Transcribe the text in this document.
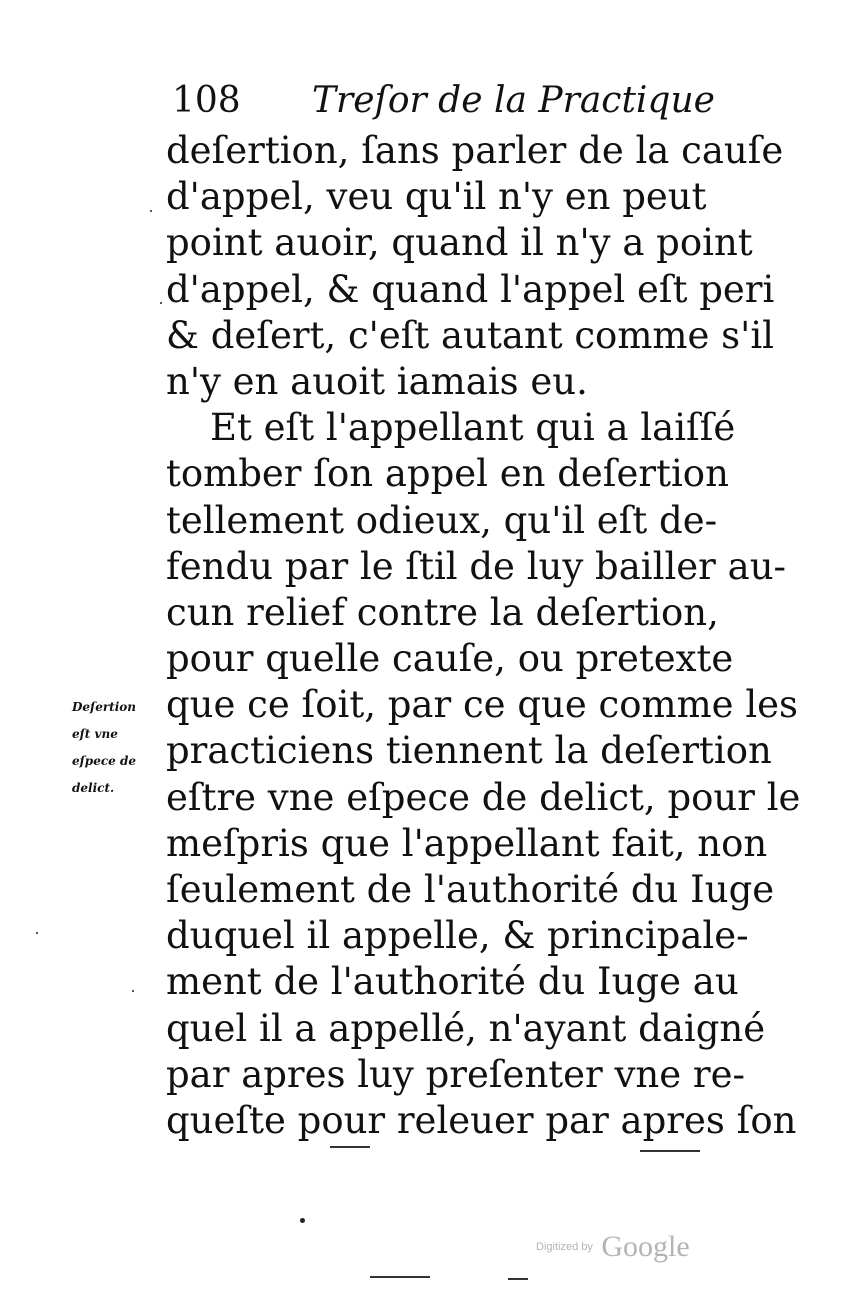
108 Treſor de la Practique
deſertion, ſans parler de la cauſe
d'appel, veu qu'il n'y en peut
point auoir, quand il n'y a point
d'appel, & quand l'appel eſt peri
& deſert, c'eſt autant comme s'il
n'y en auoit iamais eu.
Et eſt l'appellant qui a laiſſé
tomber ſon appel en deſertion
tellement odieux, qu'il eſt de-
fendu par le ſtil de luy bailler au-
cun relief contre la deſertion,
pour quelle cauſe, ou pretexte
que ce ſoit, par ce que comme les
practiciens tiennent la deſertion
eſtre vne eſpece de delict, pour le
meſpris que l'appellant fait, non
ſeulement de l'authorité du Iuge
duquel il appelle, & principale-
ment de l'authorité du Iuge au
quel il a appellé, n'ayant daigné
par apres luy preſenter vne re-
queſte pour releuer par apres ſon
Deſertion
eſt vne
eſpece de
delict.
Digitized by Google
